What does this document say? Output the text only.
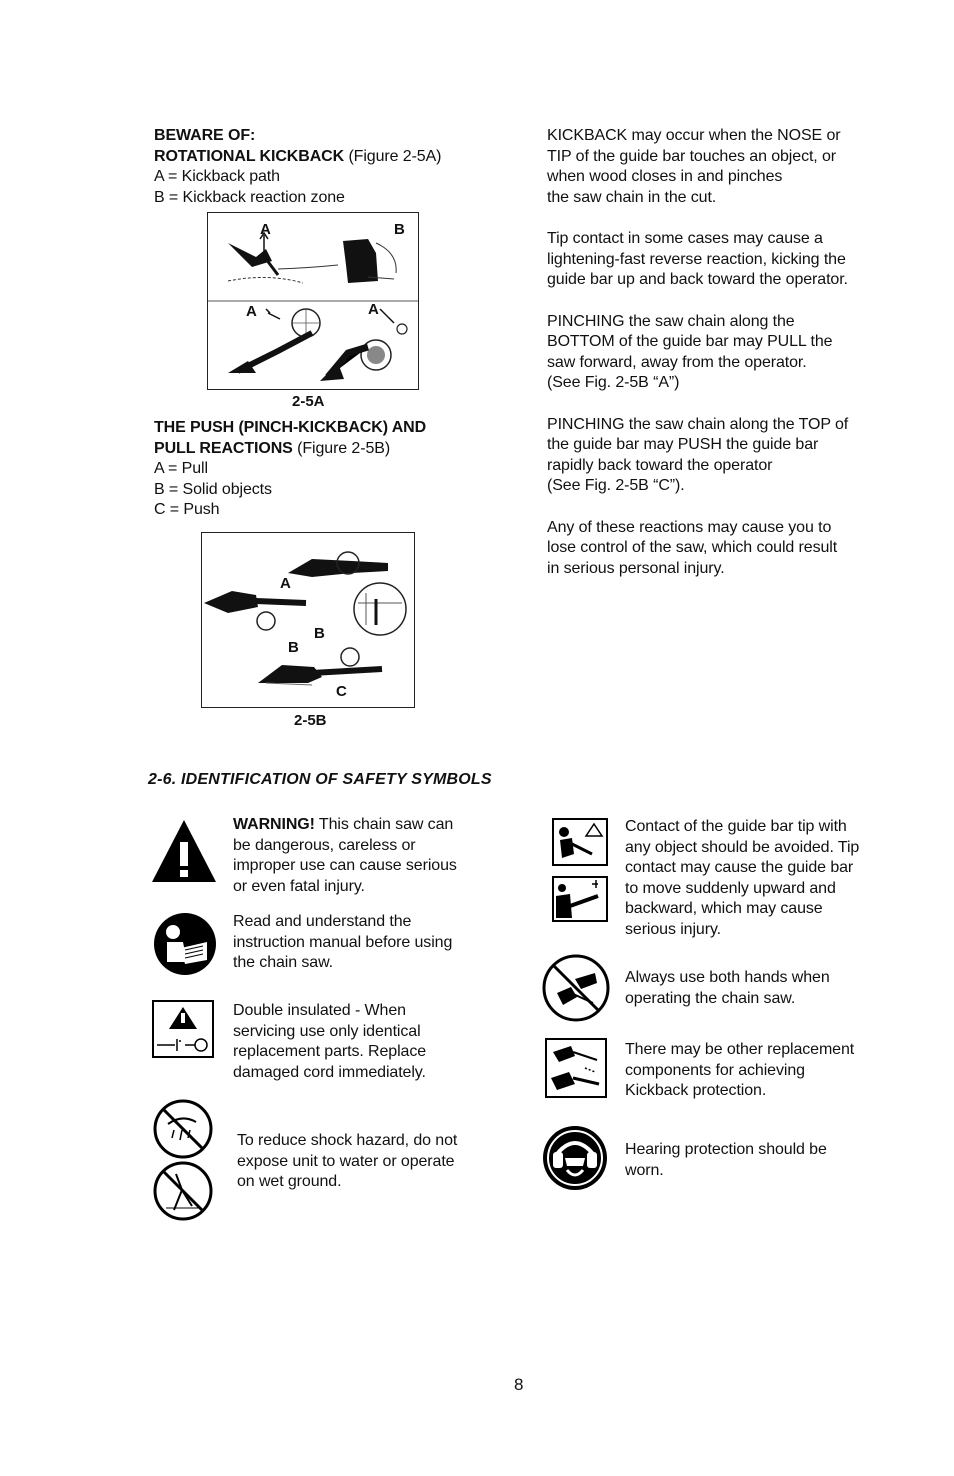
BEWARE OF:
ROTATIONAL KICKBACK (Figure 2-5A)
A = Kickback path
B = Kickback reaction zone
A	B
A	A
2-5A
THE PUSH (PINCH-KICKBACK) AND
PULL REACTIONS (Figure 2-5B)
A = Pull
B = Solid objects
C = Push
A
B
B
C
2-5B
KICKBACK may occur when the NOSE or
TIP of the guide bar touches an object, or
when wood closes in and pinches
the saw chain in the cut.
Tip contact in some cases may cause a
lightening-fast reverse reaction, kicking the
guide bar up and back toward the operator.
PINCHING the saw chain along the
BOTTOM of the guide bar may PULL the
saw forward, away from the operator.
(See Fig. 2-5B “A”)
PINCHING the saw chain along the TOP of
the guide bar may PUSH the guide bar
rapidly back toward the operator
(See Fig. 2-5B “C”).
Any of these reactions may cause you to
lose control of the saw, which could result
in serious personal injury.
2-6. IDENTIFICATION OF SAFETY SYMBOLS
WARNING! This chain saw can
be dangerous, careless or
improper use can cause serious
or even fatal injury.
Read and understand the
instruction manual before using
the chain saw.
Double insulated - When
servicing use only identical
replacement parts. Replace
damaged cord immediately.
To reduce shock hazard, do not
expose unit to water or operate
on wet ground.
Contact of the guide bar tip with
any object should be avoided. Tip
contact may cause the guide bar
to move suddenly upward and
backward, which may cause
serious injury.
Always use both hands when
operating the chain saw.
There may be other replacement
components for achieving
Kickback protection.
Hearing protection should be
worn.
8
